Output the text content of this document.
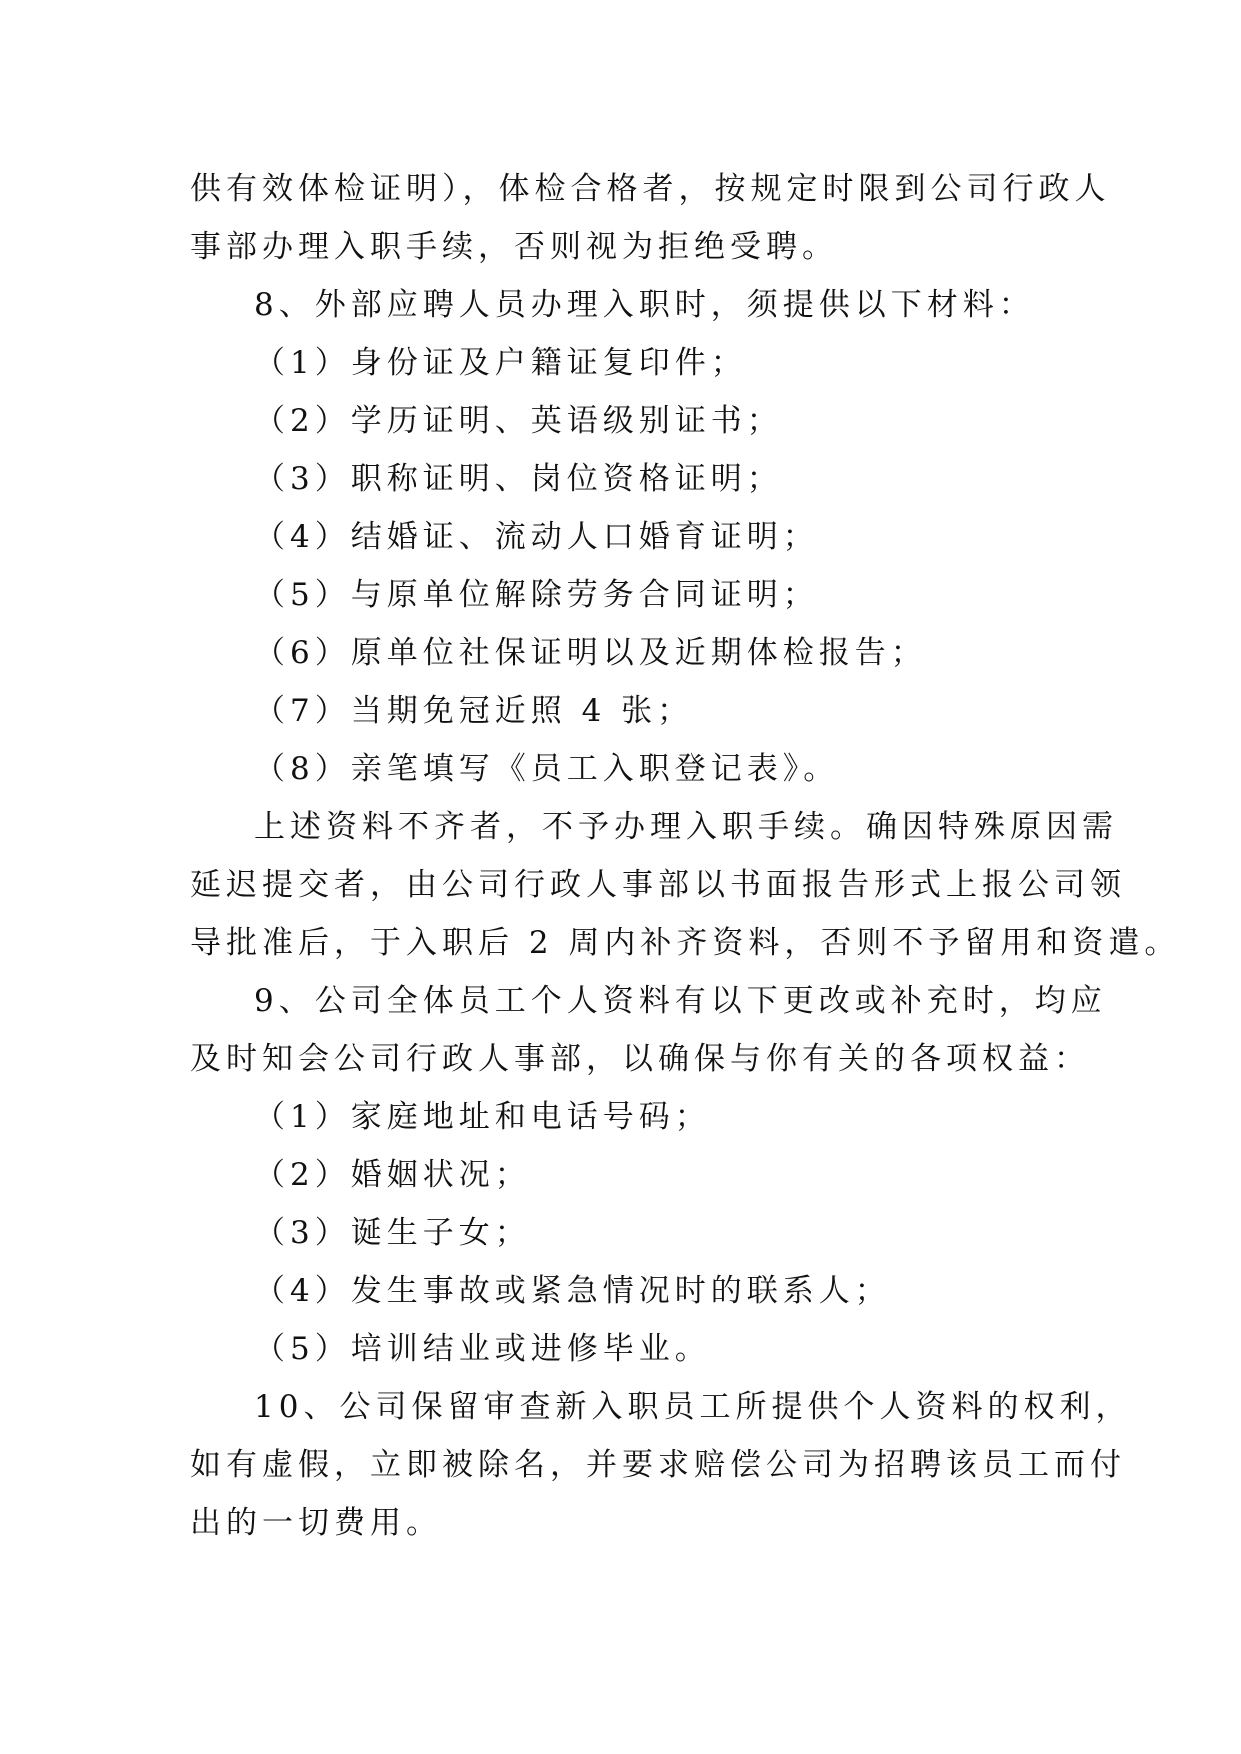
供有效体检证明），体检合格者，按规定时限到公司行政人
事部办理入职手续，否则视为拒绝受聘。
8、外部应聘人员办理入职时，须提供以下材料：
（1）身份证及户籍证复印件；
（2）学历证明、英语级别证书；
（3）职称证明、岗位资格证明；
（4）结婚证、流动人口婚育证明；
（5）与原单位解除劳务合同证明；
（6）原单位社保证明以及近期体检报告；
（7）当期免冠近照 4 张；
（8）亲笔填写《员工入职登记表》。
上述资料不齐者，不予办理入职手续。确因特殊原因需
延迟提交者，由公司行政人事部以书面报告形式上报公司领
导批准后，于入职后 2 周内补齐资料，否则不予留用和资遣。
9、公司全体员工个人资料有以下更改或补充时，均应
及时知会公司行政人事部，以确保与你有关的各项权益：
（1）家庭地址和电话号码；
（2）婚姻状况；
（3）诞生子女；
（4）发生事故或紧急情况时的联系人；
（5）培训结业或进修毕业。
10、公司保留审查新入职员工所提供个人资料的权利，
如有虚假，立即被除名，并要求赔偿公司为招聘该员工而付
出的一切费用。
